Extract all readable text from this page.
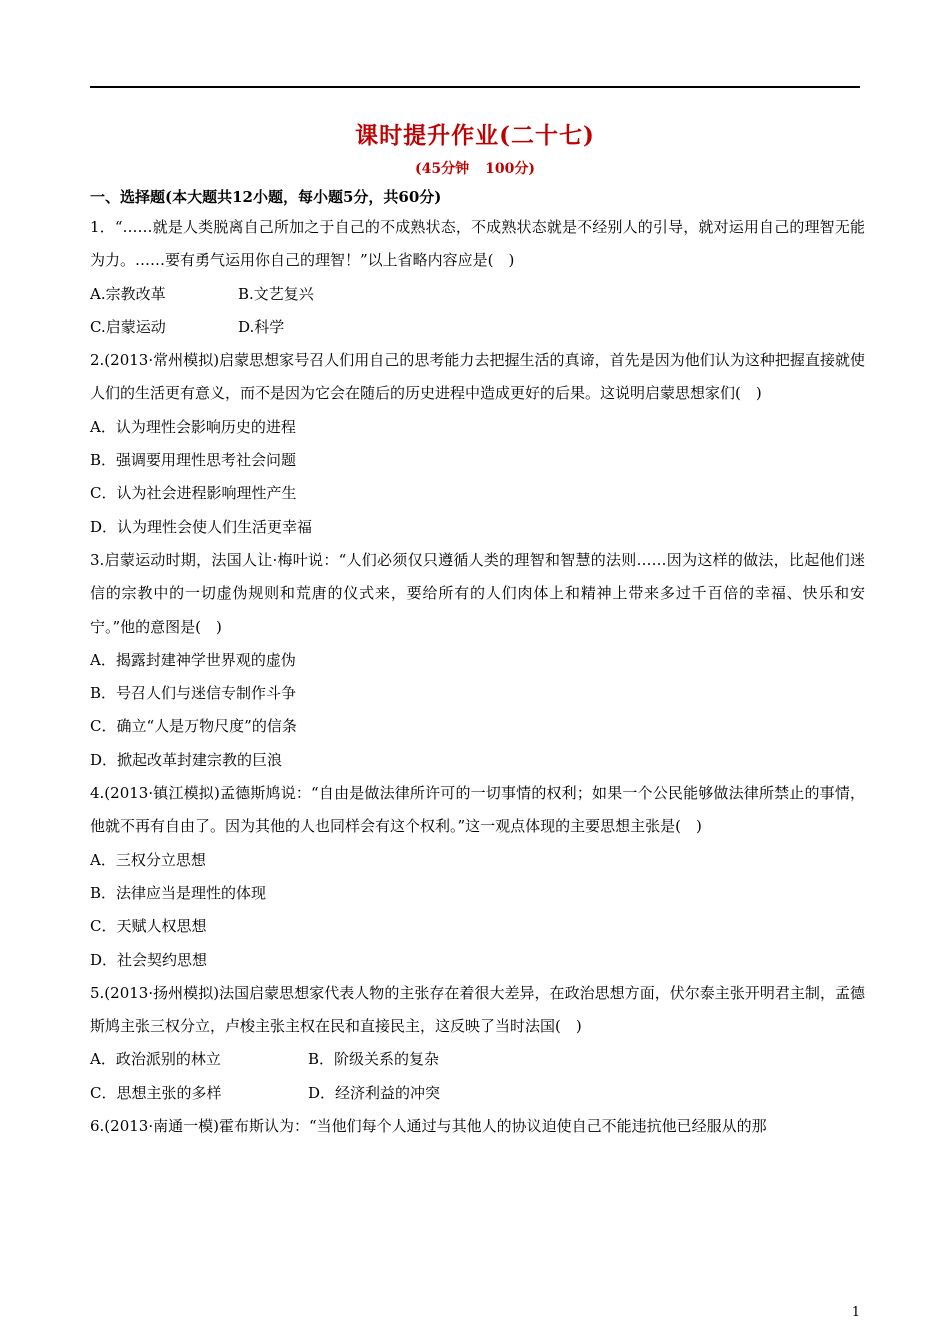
课时提升作业(二十七)
(45分钟 100分)
一、选择题(本大题共12小题，每小题5分，共60分)
1．“……就是人类脱离自己所加之于自己的不成熟状态，不成熟状态就是不经别人的引导，就对运用自己的理智无能为力。……要有勇气运用你自己的理智！”以上省略内容应是(　)
A.宗教改革	B.文艺复兴
C.启蒙运动	D.科学
2.(2013·常州模拟)启蒙思想家号召人们用自己的思考能力去把握生活的真谛，首先是因为他们认为这种把握直接就使人们的生活更有意义，而不是因为它会在随后的历史进程中造成更好的后果。这说明启蒙思想家们(　)
A．认为理性会影响历史的进程
B．强调要用理性思考社会问题
C．认为社会进程影响理性产生
D．认为理性会使人们生活更幸福
3.启蒙运动时期，法国人让·梅叶说：“人们必须仅只遵循人类的理智和智慧的法则……因为这样的做法，比起他们迷信的宗教中的一切虚伪规则和荒唐的仪式来，要给所有的人们肉体上和精神上带来多过千百倍的幸福、快乐和安宁。”他的意图是(　)
A．揭露封建神学世界观的虚伪
B．号召人们与迷信专制作斗争
C．确立“人是万物尺度”的信条
D．掀起改革封建宗教的巨浪
4.(2013·镇江模拟)孟德斯鸠说：“自由是做法律所许可的一切事情的权利；如果一个公民能够做法律所禁止的事情，他就不再有自由了。因为其他的人也同样会有这个权利。”这一观点体现的主要思想主张是(　)
A．三权分立思想
B．法律应当是理性的体现
C．天赋人权思想
D．社会契约思想
5.(2013·扬州模拟)法国启蒙思想家代表人物的主张存在着很大差异，在政治思想方面，伏尔泰主张开明君主制，孟德斯鸠主张三权分立，卢梭主张主权在民和直接民主，这反映了当时法国(　)
A．政治派别的林立	B．阶级关系的复杂
C．思想主张的多样	D．经济利益的冲突
6.(2013·南通一模)霍布斯认为：“当他们每个人通过与其他人的协议迫使自己不能违抗他已经服从的那
1
